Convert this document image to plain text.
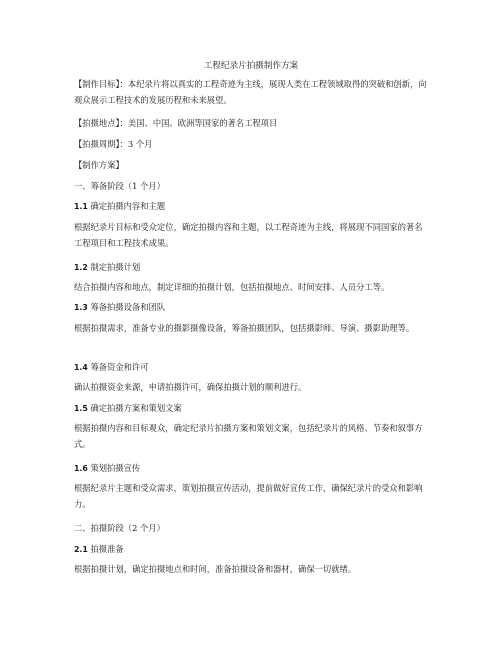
工程纪录片拍摄制作方案

【制作目标】：本纪录片将以真实的工程奇迹为主线，展现人类在工程领域取得的突破和创新，向观众展示工程技术的发展历程和未来展望。

【拍摄地点】：美国、中国、欧洲等国家的著名工程项目

【拍摄周期】：3 个月

【制作方案】

一、筹备阶段（1 个月）

1.1 确定拍摄内容和主题

根据纪录片目标和受众定位，确定拍摄内容和主题，以工程奇迹为主线，将展现不同国家的著名工程项目和工程技术成果。

1.2 制定拍摄计划

结合拍摄内容和地点，制定详细的拍摄计划，包括拍摄地点、时间安排、人员分工等。

1.3 筹备拍摄设备和团队

根据拍摄需求，准备专业的摄影摄像设备，筹备拍摄团队，包括摄影师、导演、摄影助理等。

1.4 筹备资金和许可

确认拍摄资金来源，申请拍摄许可，确保拍摄计划的顺利进行。

1.5 确定拍摄方案和策划文案

根据拍摄内容和目标观众，确定纪录片拍摄方案和策划文案，包括纪录片的风格、节奏和叙事方式。

1.6 策划拍摄宣传

根据纪录片主题和受众需求，策划拍摄宣传活动，提前做好宣传工作，确保纪录片的受众和影响力。

二、拍摄阶段（2 个月）

2.1 拍摄准备

根据拍摄计划，确定拍摄地点和时间，准备拍摄设备和器材，确保一切就绪。
